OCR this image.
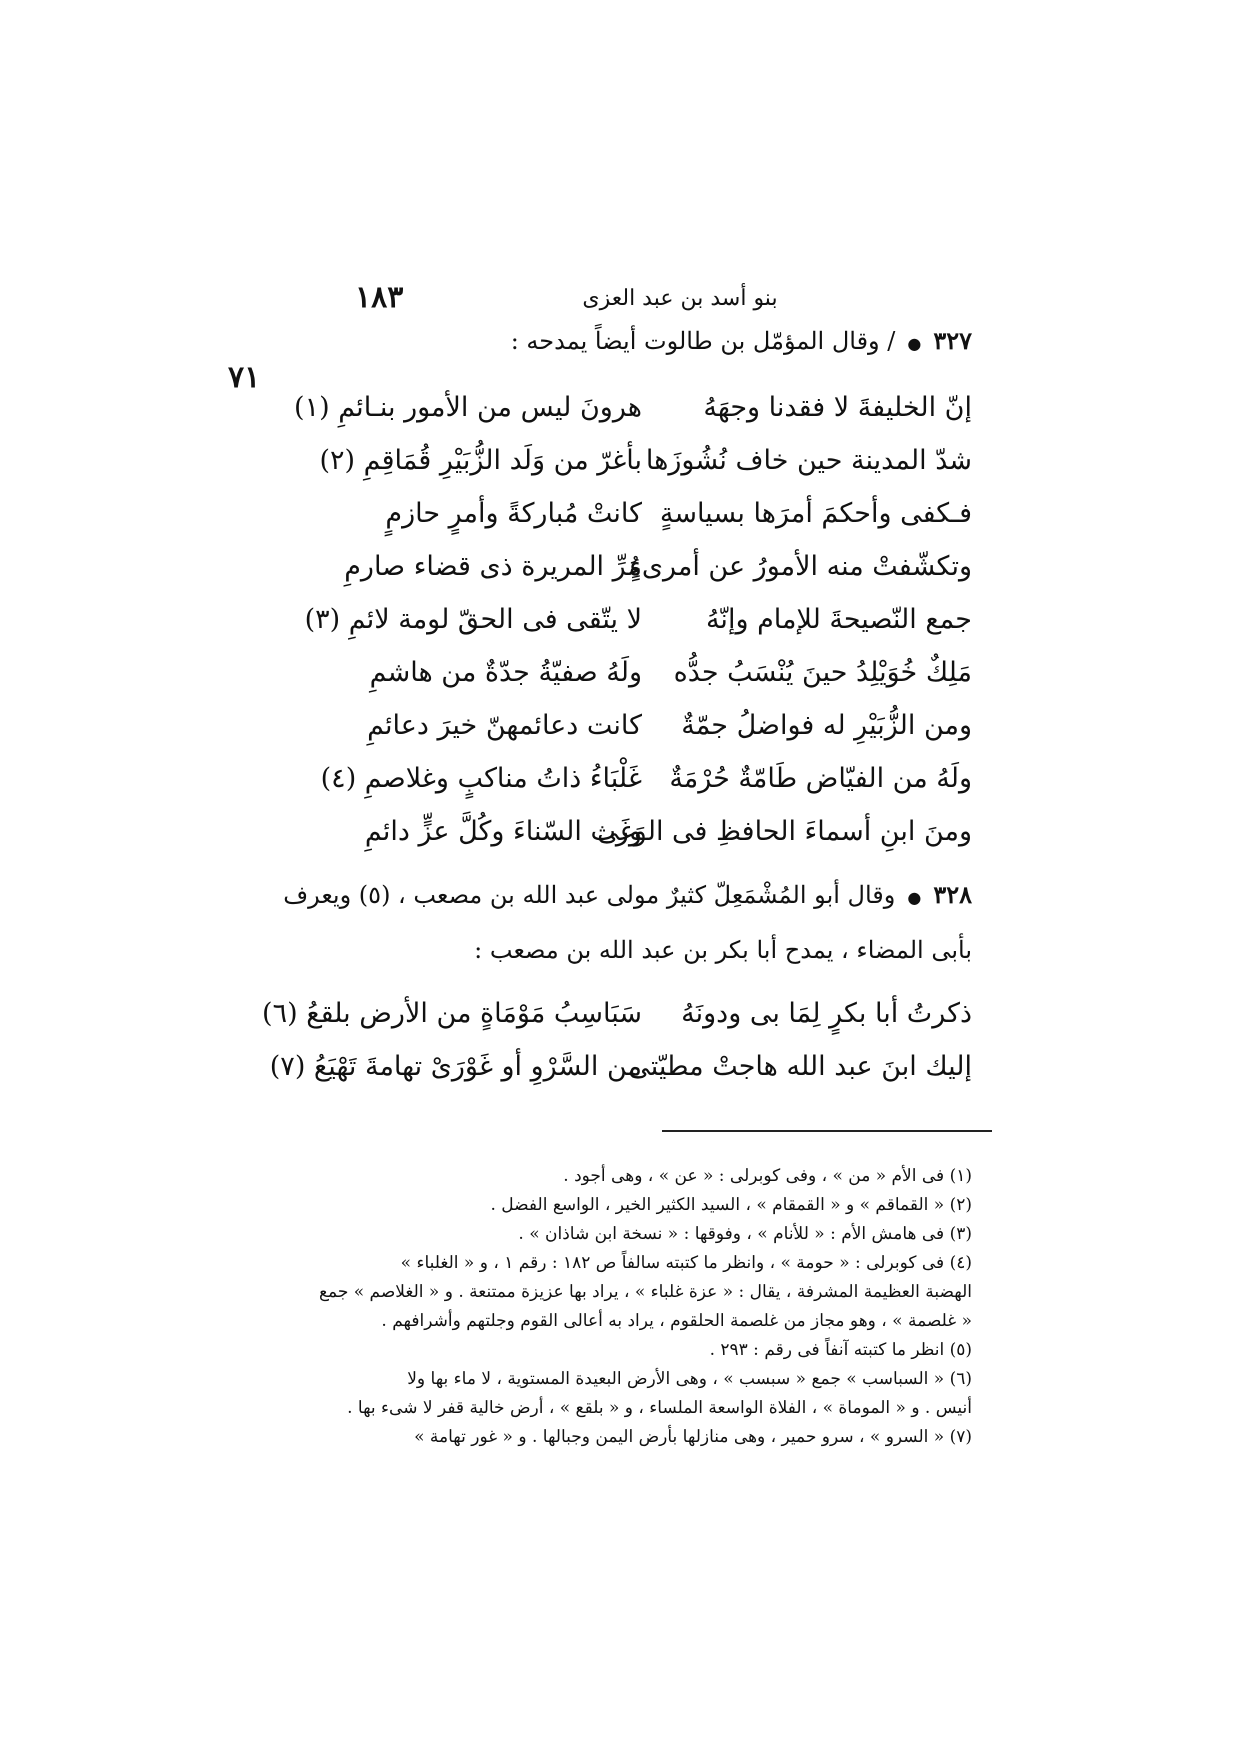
١٨٣	بنو أسد بن عبد العزى
٧١
٣٢٧●/ وقال المؤمّل بن طالوت أيضاً يمدحه :
إنّ الخليفةَ لا فقدنا وجهَهُ
هرونَ ليس من الأمور بنـائمِ (١)
شدّ المدينة حين خاف نُشُوزَها
بأغرّ من وَلَد الزُّبَيْرِ قُمَاقِمِ (٢)
فـكفى وأحكمَ أمرَها بسياسةٍ
كانتْ مُباركةً وأمرٍ حازمٍ
وتكشّفتْ منه الأمورُ عن أمرىءٍ
مُرِّ المريرة ذى قضاء صارمِ
جمع النّصيحةَ للإمام وإنّهُ
لا يتّقى فى الحقّ لومة لائمِ (٣)
مَلِكٌ خُوَيْلِدُ حينَ يُنْسَبُ جدُّه
ولَهُ صفيّةُ جدّةٌ من هاشمِ
ومن الزُّبَيْرِ له فواضلُ جمّةٌ
كانت دعائمهنّ خيرَ دعائمِ
ولَهُ من الفيّاض طَامّةٌ حُرْمَةٌ
غَلْبَاءُ ذاتُ مناكبٍ وغلاصمِ (٤)
ومنَ ابنِ أسماءَ الحافظِ فى الوَغَى
ورث السّناءَ وكُلَّ عزٍّ دائمِ
٣٢٨●وقال أبو المُشْمَعِلّ كثيرٌ مولى عبد الله بن مصعب ، (٥) ويعرف
بأبى المضاء ، يمدح أبا بكر بن عبد الله بن مصعب :
ذكرتُ أبا بكرٍ لِمَا بى ودونَهُ
سَبَاسِبُ مَوْمَاةٍ من الأرض بلقعُ (٦)
إليك ابنَ عبد الله هاجتْ مطيّتى
من السَّرْوِ أو غَوْرَىْ تهامةَ تَهْيَعُ (٧)
(١) فى الأم « من » ، وفى كوبرلى : « عن » ، وهى أجود .
(٢) « القماقم » و « القمقام » ، السيد الكثير الخير ، الواسع الفضل .
(٣) فى هامش الأم : « للأنام » ، وفوقها : « نسخة ابن شاذان » .
(٤) فى كوبرلى : « حومة » ، وانظر ما كتبته سالفاً ص ١٨٢ : رقم ١ ، و « الغلباء »
الهضبة العظيمة المشرفة ، يقال : « عزة غلباء » ، يراد بها عزيزة ممتنعة . و « الغلاصم » جمع
« غلصمة » ، وهو مجاز من غلصمة الحلقوم ، يراد به أعالى القوم وجلتهم وأشرافهم .
(٥) انظر ما كتبته آنفاً فى رقم : ٢٩٣ .
(٦) « السباسب » جمع « سبسب » ، وهى الأرض البعيدة المستوية ، لا ماء بها ولا
أنيس . و « الموماة » ، الفلاة الواسعة الملساء ، و « بلقع » ، أرض خالية قفر لا شىء بها .
(٧) « السرو » ، سرو حمير ، وهى منازلها بأرض اليمن وجبالها . و « غور تهامة »
